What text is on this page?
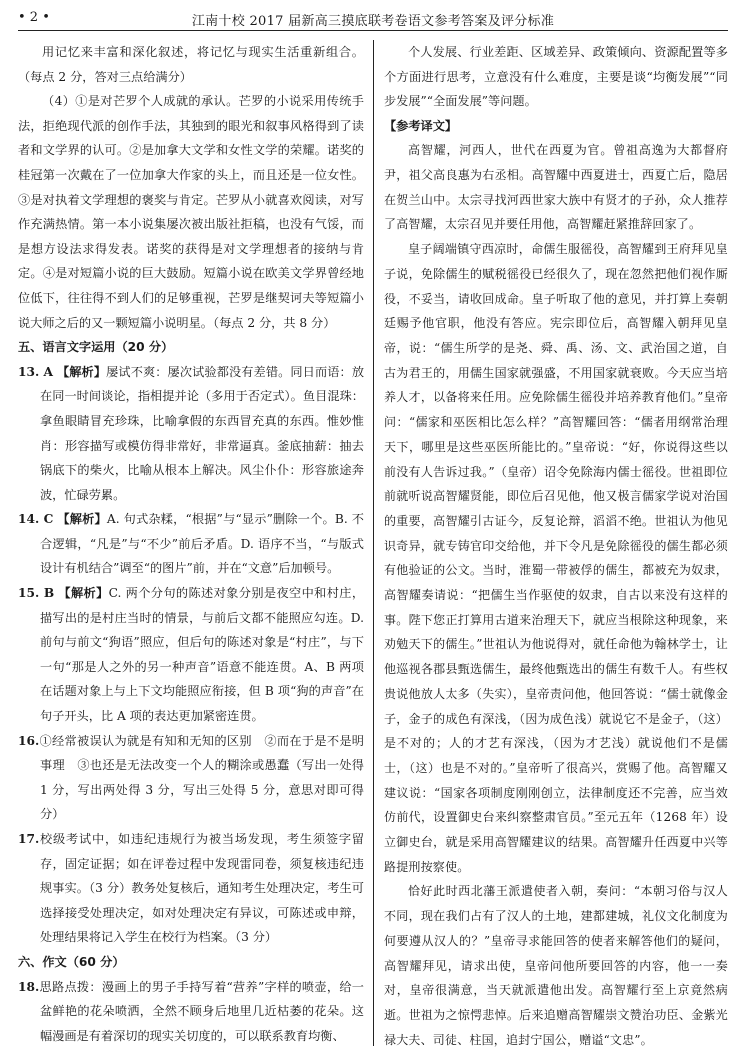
• 2 •	江南十校 2017 届新高三摸底联考卷语文参考答案及评分标准

用记忆来丰富和深化叙述，将记忆与现实生活重新组合。（每点 2 分，答对三点给满分）

（4）①是对芒罗个人成就的承认。芒罗的小说采用传统手法，拒绝现代派的创作手法，其独到的眼光和叙事风格得到了读者和文学界的认可。②是加拿大文学和女性文学的荣耀。诺奖的桂冠第一次戴在了一位加拿大作家的头上，而且还是一位女性。③是对执着文学理想的褒奖与肯定。芒罗从小就喜欢阅读，对写作充满热情。第一本小说集屡次被出版社拒稿，也没有气馁，而是想方设法求得发表。诺奖的获得是对文学理想者的接纳与肯定。④是对短篇小说的巨大鼓励。短篇小说在欧美文学界曾经地位低下，往往得不到人们的足够重视，芒罗是继契诃夫等短篇小说大师之后的又一颗短篇小说明星。（每点 2 分，共 8 分）

五、语言文字运用（20 分）

13. A 【解析】屡试不爽：屡次试验都没有差错。同日而语：放在同一时间谈论，指相提并论（多用于否定式）。鱼目混珠：拿鱼眼睛冒充珍珠，比喻拿假的东西冒充真的东西。惟妙惟肖：形容描写或模仿得非常好，非常逼真。釜底抽薪：抽去锅底下的柴火，比喻从根本上解决。风尘仆仆：形容旅途奔波，忙碌劳累。

14. C 【解析】A. 句式杂糅，“根据”与“显示”删除一个。B. 不合逻辑，“凡是”与“不少”前后矛盾。D. 语序不当，“与版式设计有机结合”调至“的图片”前，并在“文意”后加顿号。

15. B 【解析】C. 两个分句的陈述对象分别是夜空中和村庄，描写出的是村庄当时的情景，与前后文都不能照应勾连。D. 前句与前文“狗语”照应，但后句的陈述对象是“村庄”，与下一句“那是人之外的另一种声音”语意不能连贯。A、B 两项在话题对象上与上下文均能照应衔接，但 B 项“狗的声音”在句子开头，比 A 项的表达更加紧密连贯。

16.①经常被误认为就是有知和无知的区别　②而在于是不是明事理　③也还是无法改变一个人的糊涂或愚蠢（写出一处得 1 分，写出两处得 3 分，写出三处得 5 分，意思对即可得分）

17.校级考试中，如违纪违规行为被当场发现，考生须签字留存，固定证据；如在评卷过程中发现雷同卷，须复核违纪违规事实。（3 分）教务处复核后，通知考生处理决定，考生可选择接受处理决定，如对处理决定有异议，可陈述或申辩，处理结果将记入学生在校行为档案。（3 分）

六、作文（60 分）

18.思路点拨：漫画上的男子手持写着“营养”字样的喷壶，给一盆鲜艳的花朵喷洒，全然不顾身后地里几近枯萎的花朵。这幅漫画是有着深切的现实关切度的，可以联系教育均衡、

个人发展、行业差距、区域差异、政策倾向、资源配置等多个方面进行思考，立意没有什么难度，主要是谈“均衡发展”“同步发展”“全面发展”等问题。

【参考译文】

高智耀，河西人，世代在西夏为官。曾祖高逸为大都督府尹，祖父高良惠为右丞相。高智耀中西夏进士，西夏亡后，隐居在贺兰山中。太宗寻找河西世家大族中有贤才的子孙，众人推荐了高智耀，太宗召见并要任用他，高智耀赶紧推辞回家了。

皇子阔端镇守西凉时，命儒生服徭役，高智耀到王府拜见皇子说，免除儒生的赋税徭役已经很久了，现在忽然把他们视作厮役，不妥当，请收回成命。皇子听取了他的意见，并打算上奏朝廷赐予他官职，他没有答应。宪宗即位后，高智耀入朝拜见皇帝，说：“儒生所学的是尧、舜、禹、汤、文、武治国之道，自古为君王的，用儒生国家就强盛，不用国家就衰败。今天应当培养人才，以备将来任用。应免除儒生徭役并培养教育他们。”皇帝问：“儒家和巫医相比怎么样？”高智耀回答：“儒者用纲常治理天下，哪里是这些巫医所能比的。”皇帝说：“好，你说得这些以前没有人告诉过我。”（皇帝）诏令免除海内儒士徭役。世祖即位前就听说高智耀贤能，即位后召见他，他又极言儒家学说对治国的重要，高智耀引古证今，反复论辩，滔滔不绝。世祖认为他见识奇异，就专铸官印交给他，并下令凡是免除徭役的儒生都必须有他验证的公文。当时，淮蜀一带被俘的儒生，都被充为奴隶，高智耀奏请说：“把儒生当作驱使的奴隶，自古以来没有这样的事。陛下您正打算用古道来治理天下，就应当根除这种现象，来劝勉天下的儒生。”世祖认为他说得对，就任命他为翰林学士，让他巡视各郡县甄选儒生，最终他甄选出的儒生有数千人。有些权贵说他放人太多（失实），皇帝责问他，他回答说：“儒士就像金子，金子的成色有深浅，（因为成色浅）就说它不是金子，（这）是不对的；人的才艺有深浅，（因为才艺浅）就说他们不是儒士，（这）也是不对的。”皇帝听了很高兴，赏赐了他。高智耀又建议说：“国家各项制度刚刚创立，法律制度还不完善，应当效仿前代，设置御史台来纠察整肃官员。”至元五年（1268 年）设立御史台，就是采用高智耀建议的结果。高智耀升任西夏中兴等路提刑按察使。

恰好此时西北藩王派遣使者入朝，奏问：“本朝习俗与汉人不同，现在我们占有了汉人的土地，建都建城，礼仪文化制度为何要遵从汉人的？”皇帝寻求能回答的使者来解答他们的疑问，高智耀拜见，请求出使，皇帝问他所要回答的内容，他一一奏对，皇帝很满意，当天就派遣他出发。高智耀行至上京竟然病逝。世祖为之惊愕悲悼。后来追赠高智耀崇文赞治功臣、金紫光禄大夫、司徒、柱国，追封宁国公，赠谥“文忠”。
